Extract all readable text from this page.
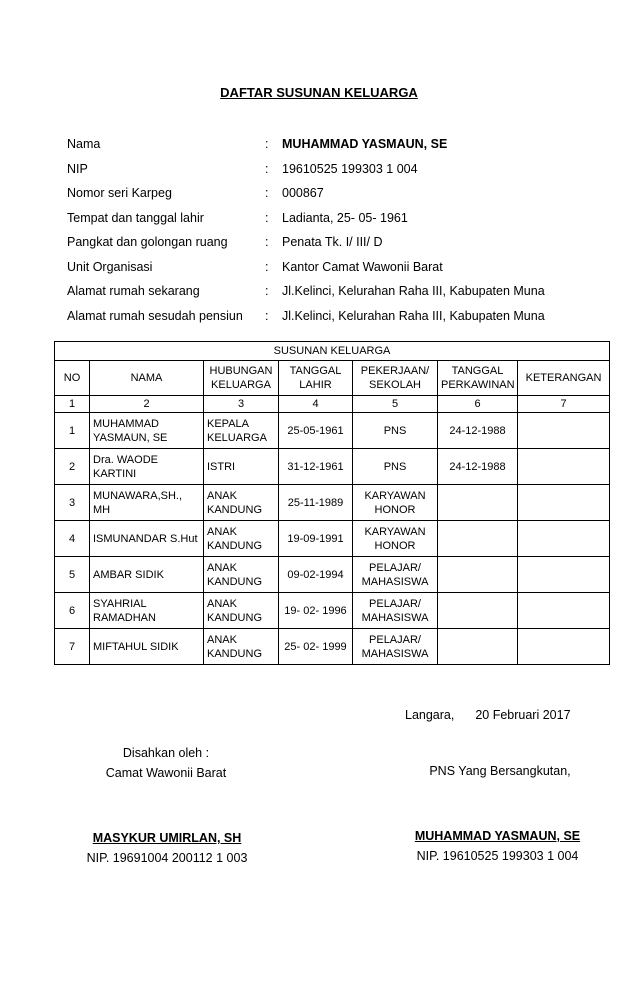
DAFTAR SUSUNAN KELUARGA
Nama	:	MUHAMMAD YASMAUN, SE
NIP	:	19610525 199303 1 004
Nomor seri Karpeg	:	000867
Tempat dan tanggal lahir	:	Ladianta, 25- 05- 1961
Pangkat dan golongan ruang	:	Penata Tk. I/ III/ D
Unit Organisasi	:	Kantor Camat Wawonii Barat
Alamat rumah sekarang	:	Jl.Kelinci, Kelurahan Raha III, Kabupaten Muna
Alamat rumah sesudah pensiun	:	Jl.Kelinci, Kelurahan Raha III, Kabupaten Muna
SUSUNAN KELUARGA						
NO	NAMA	HUBUNGAN KELUARGA	TANGGAL LAHIR	PEKERJAAN/ SEKOLAH	TANGGAL PERKAWINAN	KETERANGAN
1	2	3	4	5	6	7
1	MUHAMMAD YASMAUN, SE	KEPALA KELUARGA	25-05-1961	PNS	24-12-1988	
2	Dra. WAODE KARTINI	ISTRI	31-12-1961	PNS	24-12-1988	
3	MUNAWARA,SH., MH	ANAK KANDUNG	25-11-1989	KARYAWAN HONOR		
4	ISMUNANDAR S.Hut	ANAK KANDUNG	19-09-1991	KARYAWAN HONOR		
5	AMBAR SIDIK	ANAK KANDUNG	09-02-1994	PELAJAR/ MAHASISWA		
6	SYAHRIAL RAMADHAN	ANAK KANDUNG	19- 02- 1996	PELAJAR/ MAHASISWA		
7	MIFTAHUL SIDIK	ANAK KANDUNG	25- 02- 1999	PELAJAR/ MAHASISWA		
Langara, 20 Februari 2017
Disahkan oleh :
Camat Wawonii Barat
MASYKUR UMIRLAN, SH
NIP. 19691004 200112 1 003
PNS Yang Bersangkutan,
MUHAMMAD YASMAUN, SE
NIP. 19610525 199303 1 004
